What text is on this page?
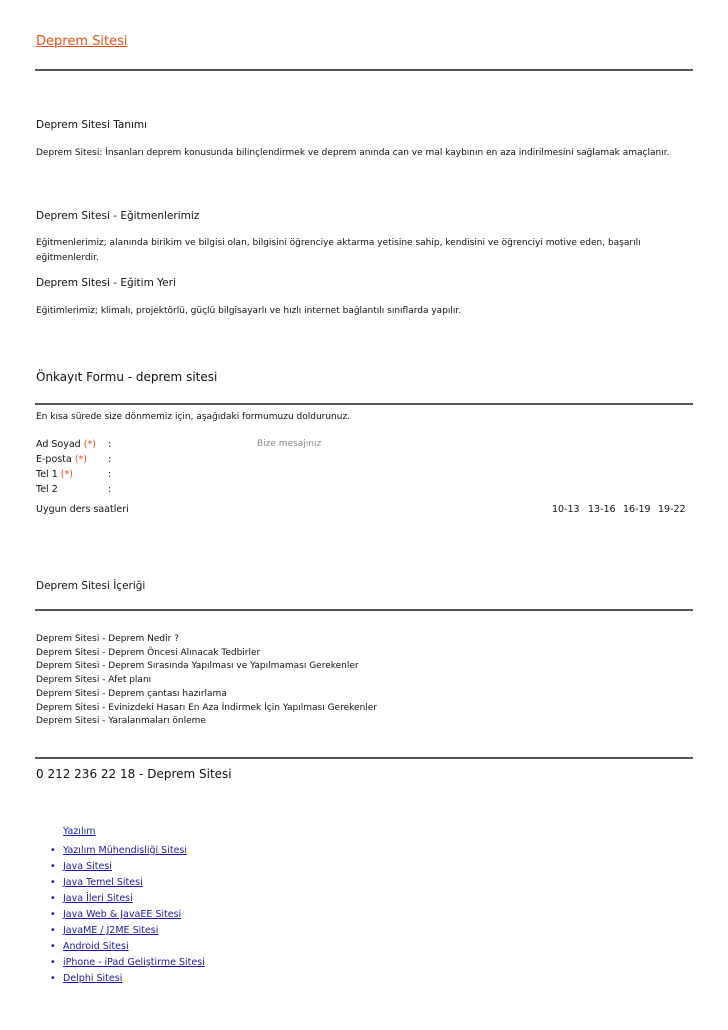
Deprem Sitesi
Deprem Sitesi Tanımı
Deprem Sitesi: İnsanları deprem konusunda bilinçlendirmek ve deprem anında can ve mal kaybının en aza indirilmesini sağlamak amaçlanır.
Deprem Sitesi - Eğitmenlerimiz
Eğitmenlerimiz; alanında birikim ve bilgisi olan, bilgisini öğrenciye aktarma yetisine sahip, kendisini ve öğrenciyi motive eden, başarılı eğitmenlerdir.
Deprem Sitesi - Eğitim Yeri
Eğitimlerimiz; klimalı, projektörlü, güçlü bilgisayarlı ve hızlı internet bağlantılı sınıflarda yapılır.
Önkayıt Formu - deprem sitesi
En kısa sürede size dönmemiz için, aşağıdaki formumuzu doldurunuz.
Ad Soyad (*) :
E-posta (*) :
Tel 1 (*)	:
Tel 2	:
Bize mesajınız
Uygun ders saatleri	10-13 13-16 16-19 19-22
Deprem Sitesi İçeriği
Deprem Sitesi - Deprem Nedir ?
Deprem Sitesi - Deprem Öncesi Alınacak Tedbirler
Deprem Sitesi - Deprem Sırasında Yapılması ve Yapılmaması Gerekenler
Deprem Sitesi - Afet planı
Deprem Sitesi - Deprem çantası hazırlama
Deprem Sitesi - Evinizdeki Hasarı En Aza İndirmek İçin Yapılması Gerekenler
Deprem Sitesi - Yaralanmaları önleme
0 212 236 22 18 - Deprem Sitesi
Yazılım
• Yazılım Mühendisliği Sitesi
• Java Sitesi
• Java Temel Sitesi
• Java İleri Sitesi
• Java Web & JavaEE Sitesi
• JavaME / J2ME Sitesi
• Android Sitesi
• iPhone - iPad Geliştirme Sitesi
• Delphi Sitesi
